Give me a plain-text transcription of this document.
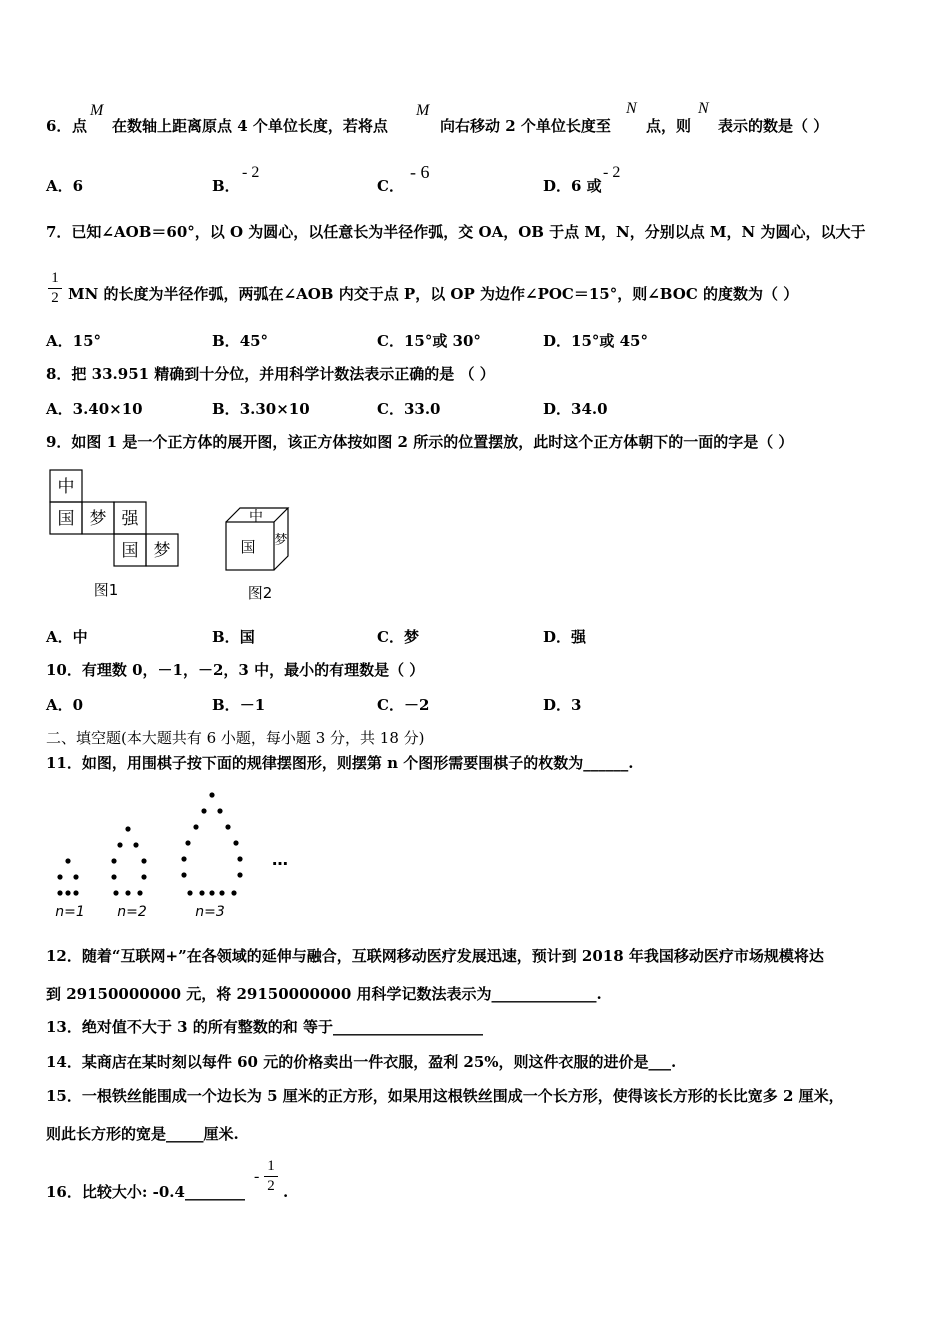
6． 点
M
在数轴上距离原点 4 个单位长度，若将点
M
向右移动 2 个单位长度至
N
点，则
N
表示的数是（ ）
A．6	B．
- 2
C．
- 6
D．6 或
- 2
7．已知∠AOB＝60°，以 O 为圆心，以任意长为半径作弧，交 OA，OB 于点 M，N，分别以点 M，N 为圆心，以大于
1
2 MN 的长度为半径作弧，两弧在∠AOB 内交于点 P，以 OP 为边作∠POC＝15°，则∠BOC 的度数为（ ）
A．15°	B．45°	C．15°或 30°	D．15°或 45°
8．把 33.951 精确到十分位，并用科学计数法表示正确的是 （ ）
A．3.40×10	B．3.30×10	C．33.0	D．34.0
9．如图 1 是一个正方体的展开图，该正方体按如图 2 所示的位置摆放，此时这个正方体朝下的一面的字是（ ）
中
国 梦 强
国 梦
图1
中
国 梦
图2
A．中	B．国	C．梦	D．强
10．有理数 0，－1，－2，3 中，最小的有理数是（ ）
A．0	B．－1	C．－2	D．3
二、填空题(本大题共有 6 小题，每小题 3 分，共 18 分)
11．如图，用围棋子按下面的规律摆图形，则摆第 n 个图形需要围棋子的枚数为______.
n=1 n=2	n=3
…
12．随着“互联网+”在各领域的延伸与融合，互联网移动医疗发展迅速，预计到 2018 年我国移动医疗市场规模将达
到 29150000000 元，将 29150000000 用科学记数法表示为______________.
13．绝对值不大于 3 的所有整数的和 等于____________________
14．某商店在某时刻以每件 60 元的价格卖出一件衣服，盈利 25%，则这件衣服的进价是___.
15．一根铁丝能围成一个边长为 5 厘米的正方形，如果用这根铁丝围成一个长方形，使得该长方形的长比宽多 2 厘米，
则此长方形的宽是_____厘米.
16．比较大小: -0.4________
-
1
2 .
